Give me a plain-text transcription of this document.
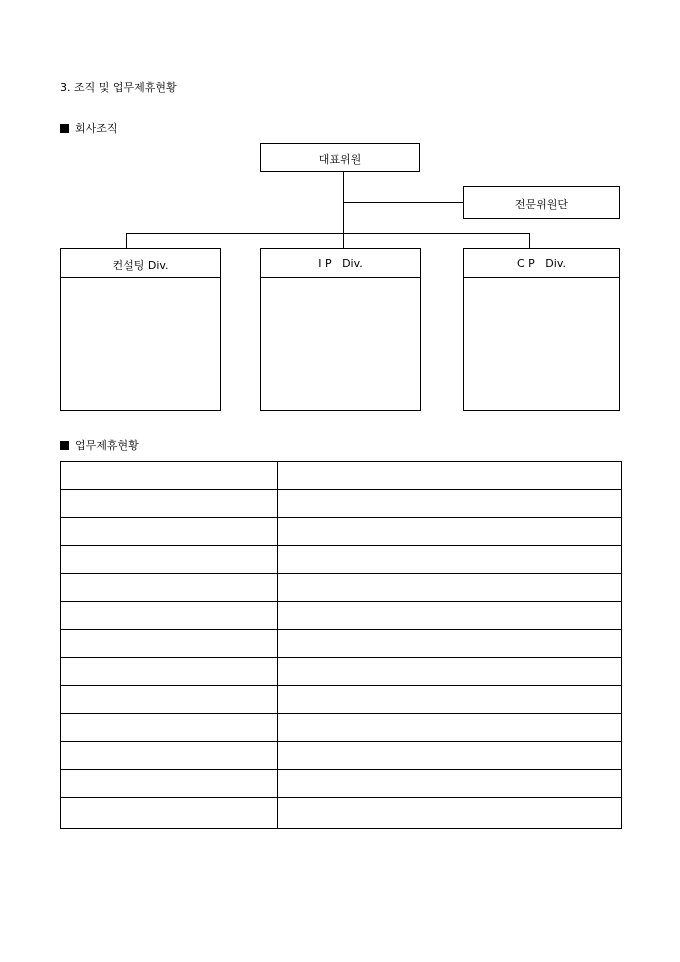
3. 조직 및 업무제휴현황
회사조직
대표위원
전문위원단
컨설팅 Div.	I P   Div.	C P   Div.
업무제휴현황
